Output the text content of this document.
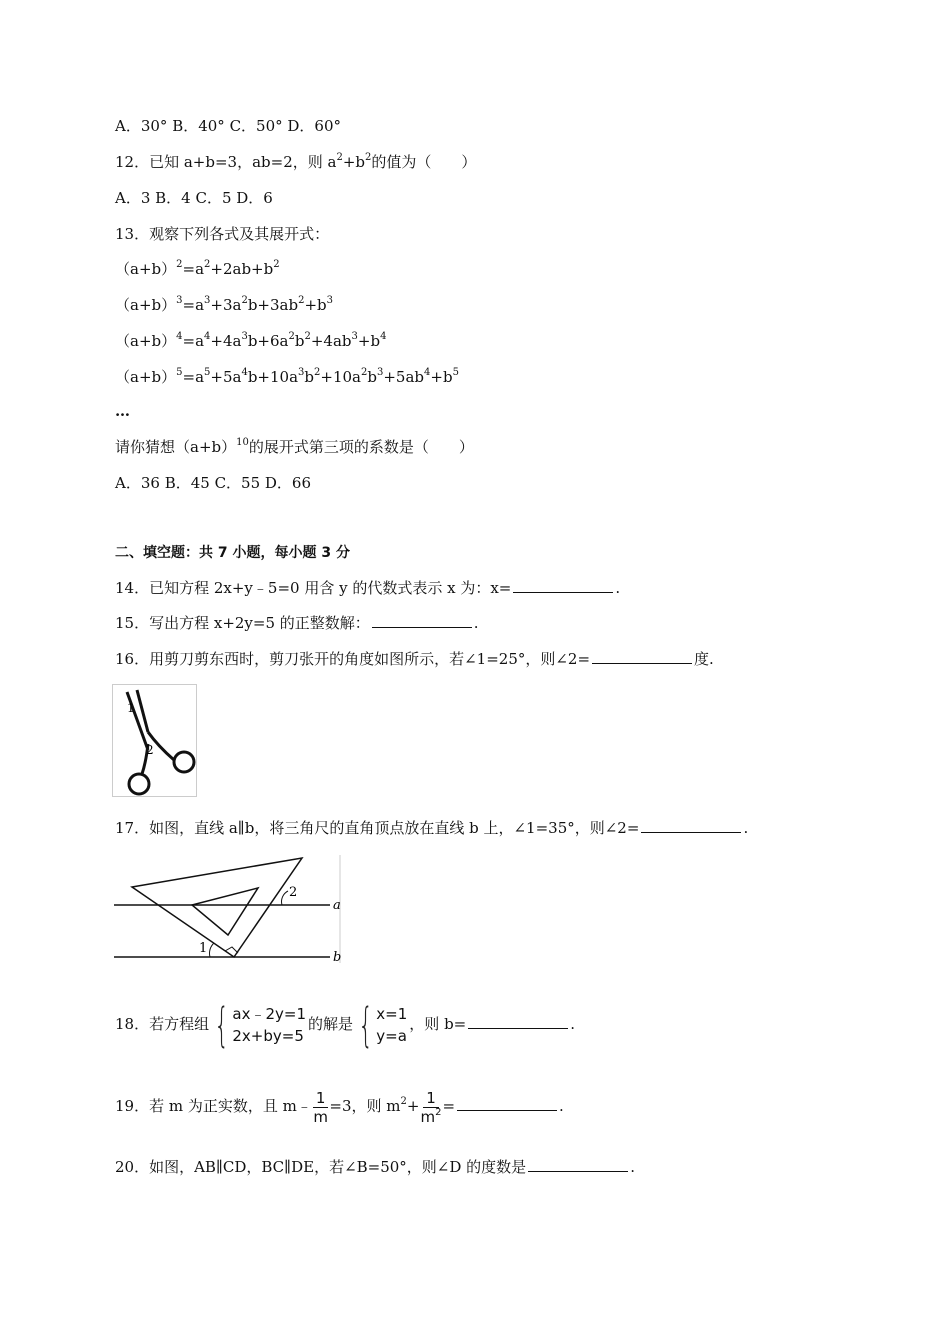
A．30° B．40° C．50° D．60°
12．已知 a+b=3，ab=2，则 $a^2+b^2$的值为（　　）
A．3 B．4 C．5 D．6
13．观察下列各式及其展开式：
$(a+b)^2=a^2+2ab+b^2$
$(a+b)^3=a^3+3a^2b+3ab^2+b^3$
$(a+b)^4=a^4+4a^3b+6a^2b^2+4ab^3+b^4$
$(a+b)^5=a^5+5a^4b+10a^3b^2+10a^2b^3+5ab^4+b^5$
…
请你猜想$(a+b)^{10}$的展开式第三项的系数是（　　）
A．36 B．45 C．55 D．66
二、填空题：共 7 小题，每小题 3 分
14．已知方程 2x+y﹣5=0 用含 y 的代数式表示 x 为：x=	.
15．写出方程 x+2y=5 的正整数解：	.
16．用剪刀剪东西时，剪刀张开的角度如图所示，若∠1=25°，则∠2=	度.
1
2
17．如图，直线 a∥b，将三角尺的直角顶点放在直线 b 上，∠1=35°，则∠2=	.
2
1
a
b
18．若方程组 { ax﹣2y=1
2x+by=5
的解是 { x=1
y=a
，则 b=	.
19．若 m 为正实数，且 m﹣ $\frac{1}{m} =3$，则 $m^2+ \frac{1}{m^2}$ =	.
20．如图，AB∥CD，BC∥DE，若∠B=50°，则∠D 的度数是	.
